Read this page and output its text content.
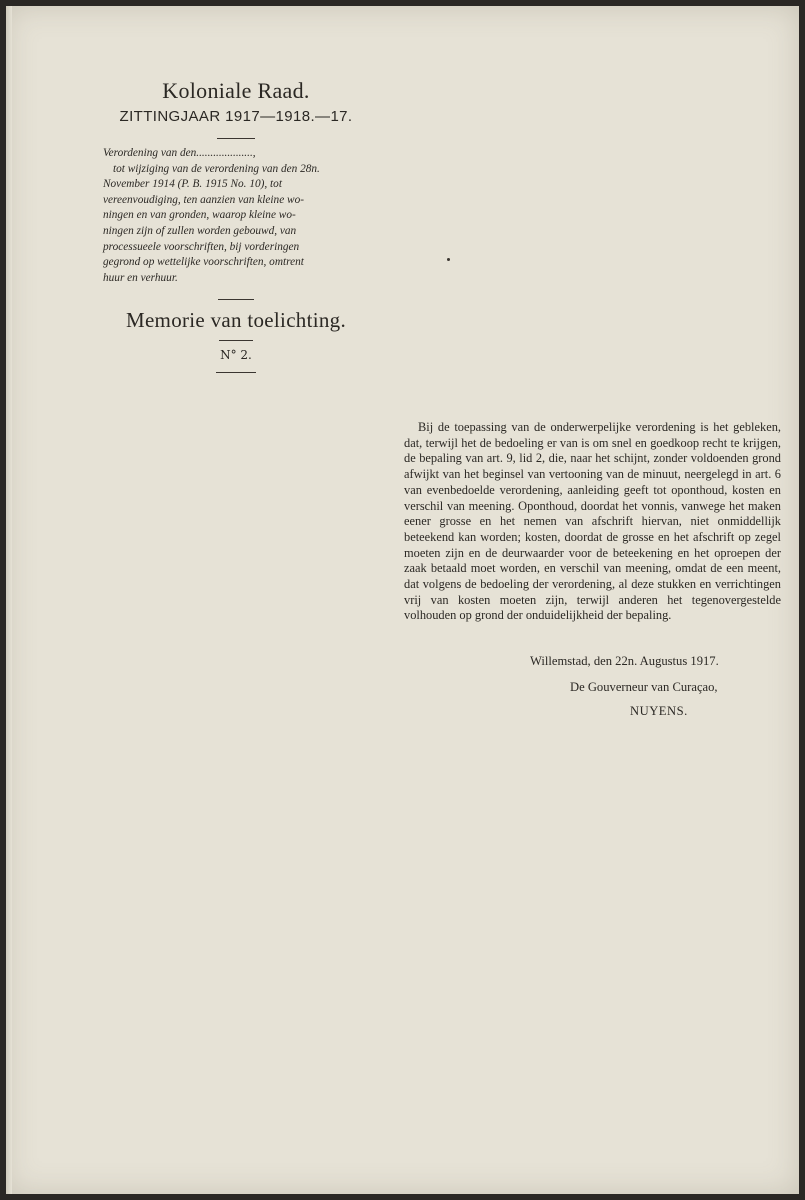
Koloniale Raad.
ZITTINGJAAR 1917—1918.—17.
Verordening van den....................,
tot wijziging van de verordening van den 28n.
November 1914 (P. B. 1915 No. 10), tot
vereenvoudiging, ten aanzien van kleine wo-
ningen en van gronden, waarop kleine wo-
ningen zijn of zullen worden gebouwd, van
processueele voorschriften, bij vorderingen
gegrond op wettelijke voorschriften, omtrent
huur en verhuur.
Memorie van toelichting.
N° 2.

Bij de toepassing van de onderwerpelijke verordening is het gebleken, dat, terwijl het de bedoeling er van is om snel en goedkoop recht te krijgen, de bepaling van art. 9, lid 2, die, naar het schijnt, zonder voldoenden grond afwijkt van het beginsel van vertooning van de minuut, neergelegd in art. 6 van evenbedoelde verordening, aanleiding geeft tot oponthoud, kosten en verschil van meening. Oponthoud, doordat het vonnis, vanwege het maken eener grosse en het nemen van afschrift hiervan, niet onmiddellijk beteekend kan worden; kosten, doordat de grosse en het afschrift op zegel moeten zijn en de deurwaarder voor de beteekening en het oproepen der zaak betaald moet worden, en verschil van meening, omdat de een meent, dat volgens de bedoeling der verordening, al deze stukken en verrichtingen vrij van kosten moeten zijn, terwijl anderen het tegenovergestelde volhouden op grond der onduidelijkheid der bepaling.

Willemstad, den 22n. Augustus 1917.

De Gouverneur van Curaçao,

NUYENS.
